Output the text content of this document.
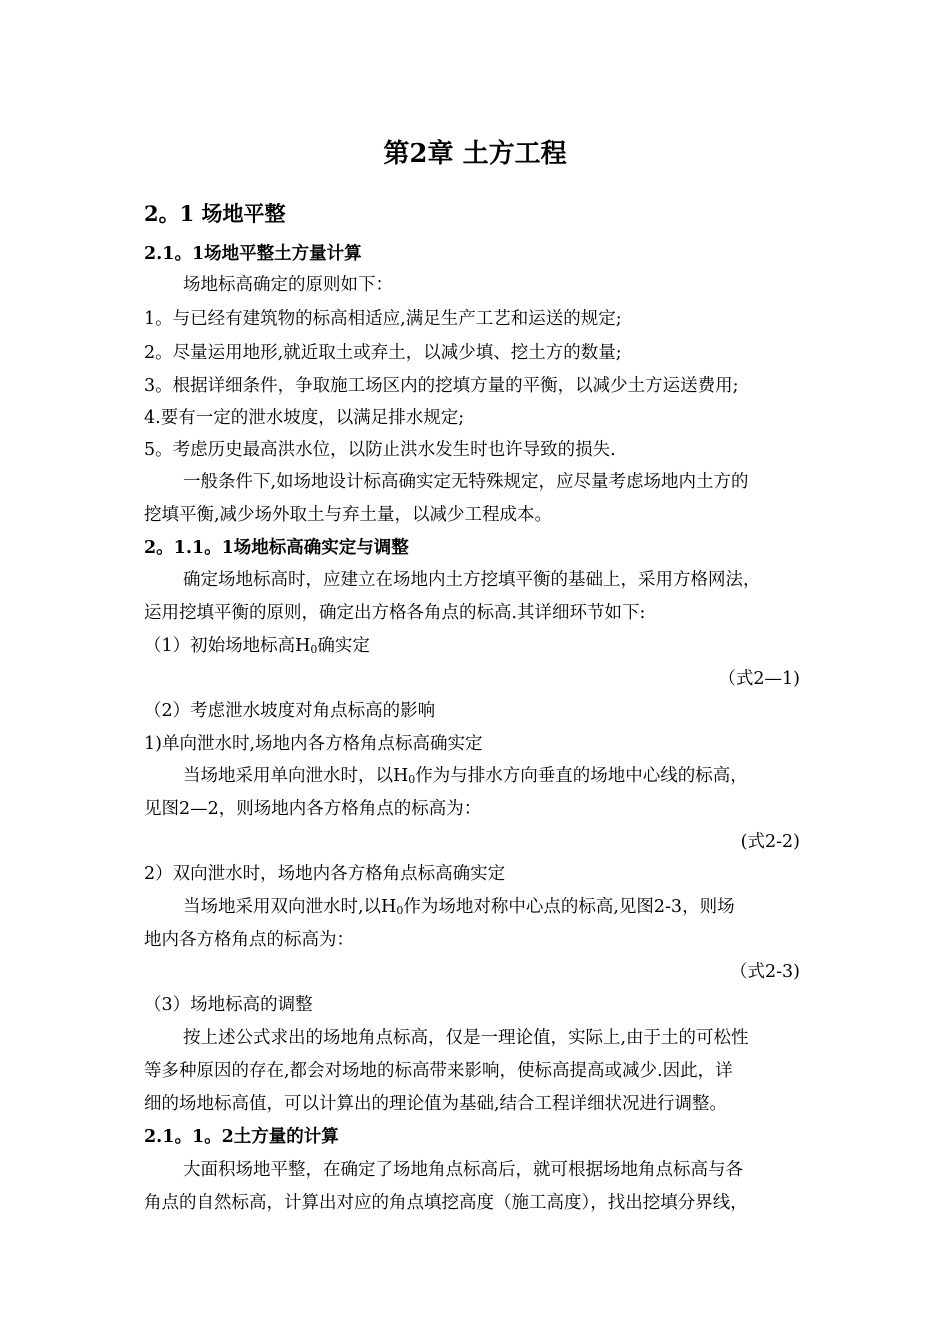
第2章 土方工程
2。1 场地平整
2.1。1场地平整土方量计算
场地标高确定的原则如下：
1。与已经有建筑物的标高相适应,满足生产工艺和运送的规定;
2。尽量运用地形,就近取土或弃土，以减少填、挖土方的数量;
3。根据详细条件，争取施工场区内的挖填方量的平衡，以减少土方运送费用;
4.要有一定的泄水坡度，以满足排水规定;
5。考虑历史最高洪水位，以防止洪水发生时也许导致的损失.
一般条件下,如场地设计标高确实定无特殊规定，应尽量考虑场地内土方的
挖填平衡,减少场外取土与弃土量，以减少工程成本。
2。1.1。1场地标高确实定与调整
确定场地标高时，应建立在场地内土方挖填平衡的基础上，采用方格网法，
运用挖填平衡的原则，确定出方格各角点的标高.其详细环节如下:
（1）初始场地标高$H_0$确实定
（式2—1)
（2）考虑泄水坡度对角点标高的影响
1)单向泄水时,场地内各方格角点标高确实定
当场地采用单向泄水时，以$H_0$作为与排水方向垂直的场地中心线的标高，
见图2—2，则场地内各方格角点的标高为：
(式2-2)
2）双向泄水时，场地内各方格角点标高确实定
当场地采用双向泄水时,以$H_0$作为场地对称中心点的标高,见图2-3，则场
地内各方格角点的标高为：
（式2-3)
（3）场地标高的调整
按上述公式求出的场地角点标高，仅是一理论值，实际上,由于土的可松性
等多种原因的存在,都会对场地的标高带来影响，使标高提高或减少.因此，详
细的场地标高值，可以计算出的理论值为基础,结合工程详细状况进行调整。
2.1。1。2土方量的计算
大面积场地平整，在确定了场地角点标高后，就可根据场地角点标高与各
角点的自然标高，计算出对应的角点填挖高度（施工高度），找出挖填分界线，
